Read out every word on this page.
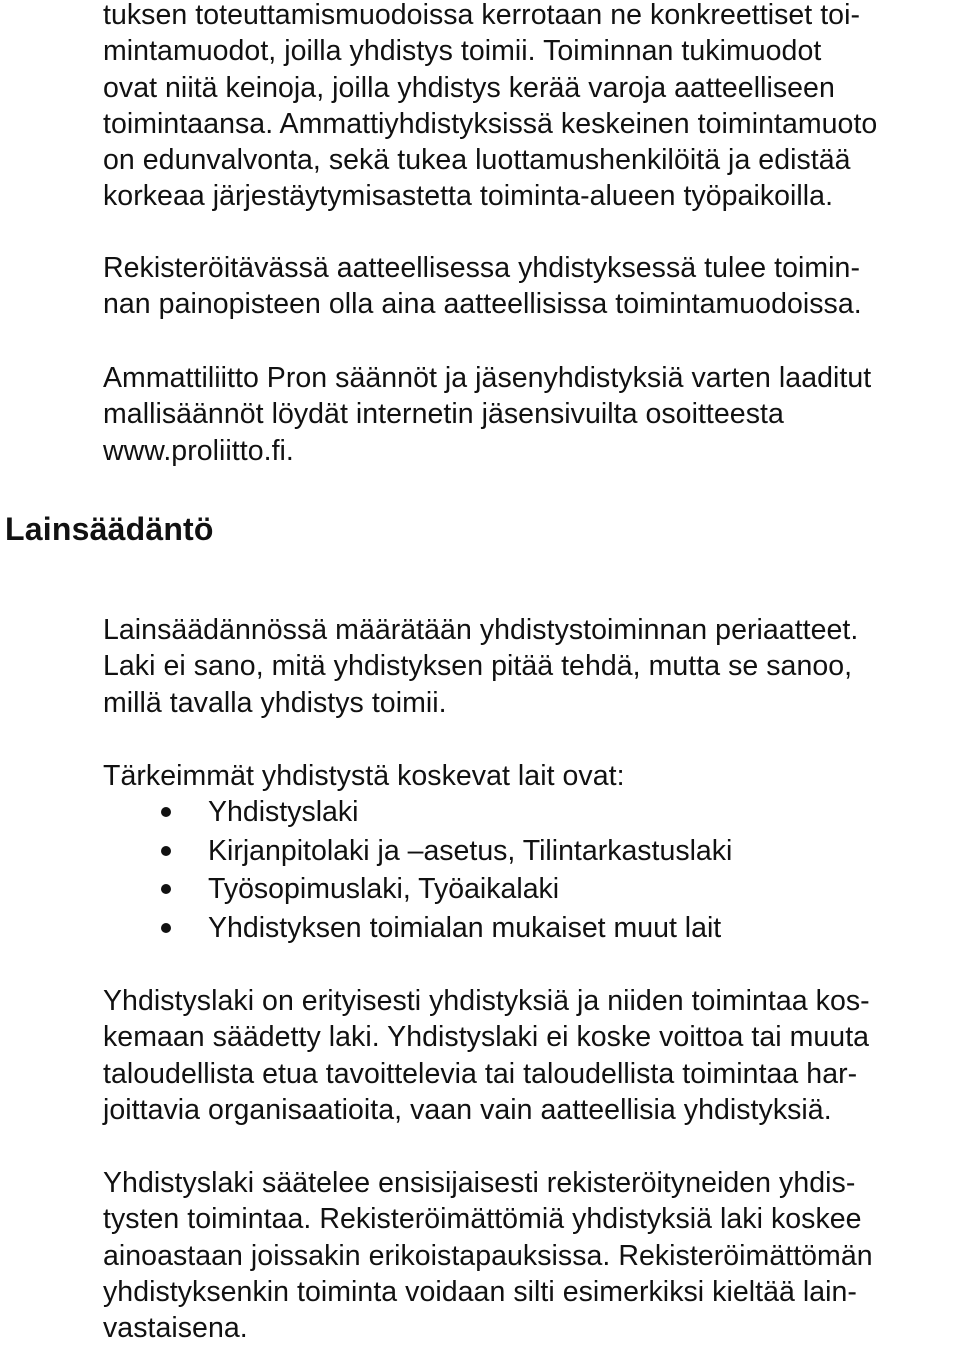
tuksen toteuttamismuodoissa kerrotaan ne konkreettiset toi-
mintamuodot, joilla yhdistys toimii. Toiminnan tukimuodot
ovat niitä keinoja, joilla yhdistys kerää varoja aatteelliseen
toimintaansa. Ammattiyhdistyksissä keskeinen toimintamuoto
on edunvalvonta, sekä tukea luottamushenkilöitä ja edistää
korkeaa järjestäytymisastetta toiminta-alueen työpaikoilla.

Rekisteröitävässä aatteellisessa yhdistyksessä tulee toimin-
nan painopisteen olla aina aatteellisissa toimintamuodoissa.

Ammattiliitto Pron säännöt ja jäsenyhdistyksiä varten laaditut
mallisäännöt löydät internetin jäsensivuilta osoitteesta
www.proliitto.fi.

Lainsäädäntö

Lainsäädännössä määrätään yhdistystoiminnan periaatteet.
Laki ei sano, mitä yhdistyksen pitää tehdä, mutta se sanoo,
millä tavalla yhdistys toimii.

Tärkeimmät yhdistystä koskevat lait ovat:

Yhdistyslaki
Kirjanpitolaki ja –asetus, Tilintarkastuslaki
Työsopimuslaki, Työaikalaki
Yhdistyksen toimialan mukaiset muut lait

Yhdistyslaki on erityisesti yhdistyksiä ja niiden toimintaa kos-
kemaan säädetty laki. Yhdistyslaki ei koske voittoa tai muuta
taloudellista etua tavoittelevia tai taloudellista toimintaa har-
joittavia organisaatioita, vaan vain aatteellisia yhdistyksiä.

Yhdistyslaki säätelee ensisijaisesti rekisteröityneiden yhdis-
tysten toimintaa. Rekisteröimättömiä yhdistyksiä laki koskee
ainoastaan joissakin erikoistapauksissa. Rekisteröimättömän
yhdistyksenkin toiminta voidaan silti esimerkiksi kieltää lain-
vastaisena.
